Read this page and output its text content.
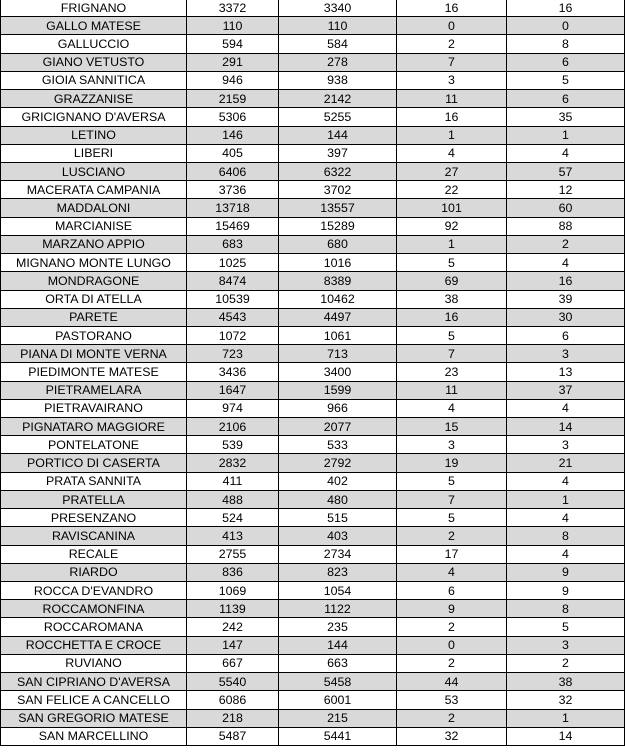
FRIGNANO	3372	3340	16	16
GALLO MATESE	110	110	0	0
GALLUCCIO	594	584	2	8
GIANO VETUSTO	291	278	7	6
GIOIA SANNITICA	946	938	3	5
GRAZZANISE	2159	2142	11	6
GRICIGNANO D'AVERSA	5306	5255	16	35
LETINO	146	144	1	1
LIBERI	405	397	4	4
LUSCIANO	6406	6322	27	57
MACERATA CAMPANIA	3736	3702	22	12
MADDALONI	13718	13557	101	60
MARCIANISE	15469	15289	92	88
MARZANO APPIO	683	680	1	2
MIGNANO MONTE LUNGO	1025	1016	5	4
MONDRAGONE	8474	8389	69	16
ORTA DI ATELLA	10539	10462	38	39
PARETE	4543	4497	16	30
PASTORANO	1072	1061	5	6
PIANA DI MONTE VERNA	723	713	7	3
PIEDIMONTE MATESE	3436	3400	23	13
PIETRAMELARA	1647	1599	11	37
PIETRAVAIRANO	974	966	4	4
PIGNATARO MAGGIORE	2106	2077	15	14
PONTELATONE	539	533	3	3
PORTICO DI CASERTA	2832	2792	19	21
PRATA SANNITA	411	402	5	4
PRATELLA	488	480	7	1
PRESENZANO	524	515	5	4
RAVISCANINA	413	403	2	8
RECALE	2755	2734	17	4
RIARDO	836	823	4	9
ROCCA D'EVANDRO	1069	1054	6	9
ROCCAMONFINA	1139	1122	9	8
ROCCAROMANA	242	235	2	5
ROCCHETTA E CROCE	147	144	0	3
RUVIANO	667	663	2	2
SAN CIPRIANO D'AVERSA	5540	5458	44	38
SAN FELICE A CANCELLO	6086	6001	53	32
SAN GREGORIO MATESE	218	215	2	1
SAN MARCELLINO	5487	5441	32	14
